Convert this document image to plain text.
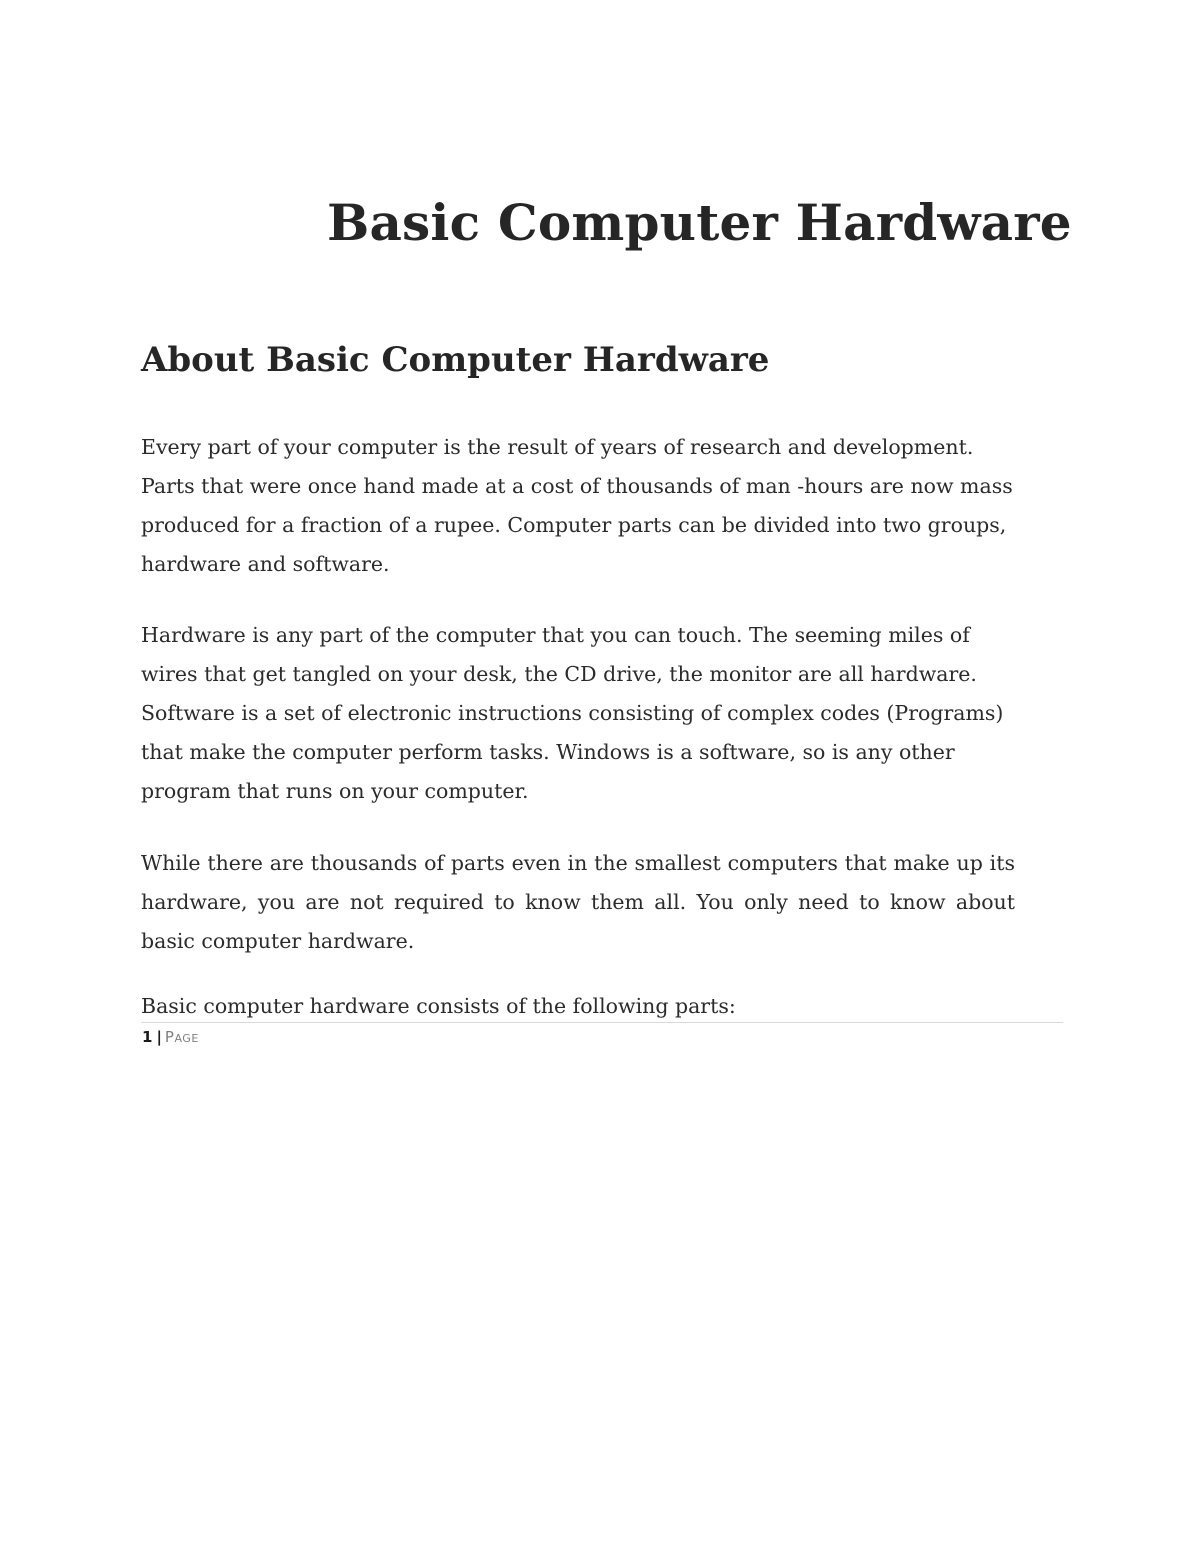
Basic Computer Hardware
About Basic Computer Hardware

Every part of your computer is the result of years of research and development. Parts that were once hand made at a cost of thousands of man -hours are now mass produced for a fraction of a rupee. Computer parts can be divided into two groups, hardware and software.

Hardware is any part of the computer that you can touch. The seeming miles of wires that get tangled on your desk, the CD drive, the monitor are all hardware. Software is a set of electronic instructions consisting of complex codes (Programs) that make the computer perform tasks. Windows is a software, so is any other program that runs on your computer.

While there are thousands of parts even in the smallest computers that make up its hardware, you are not required to know them all. You only need to know about basic computer hardware.

Basic computer hardware consists of the following parts:

1 | Page
